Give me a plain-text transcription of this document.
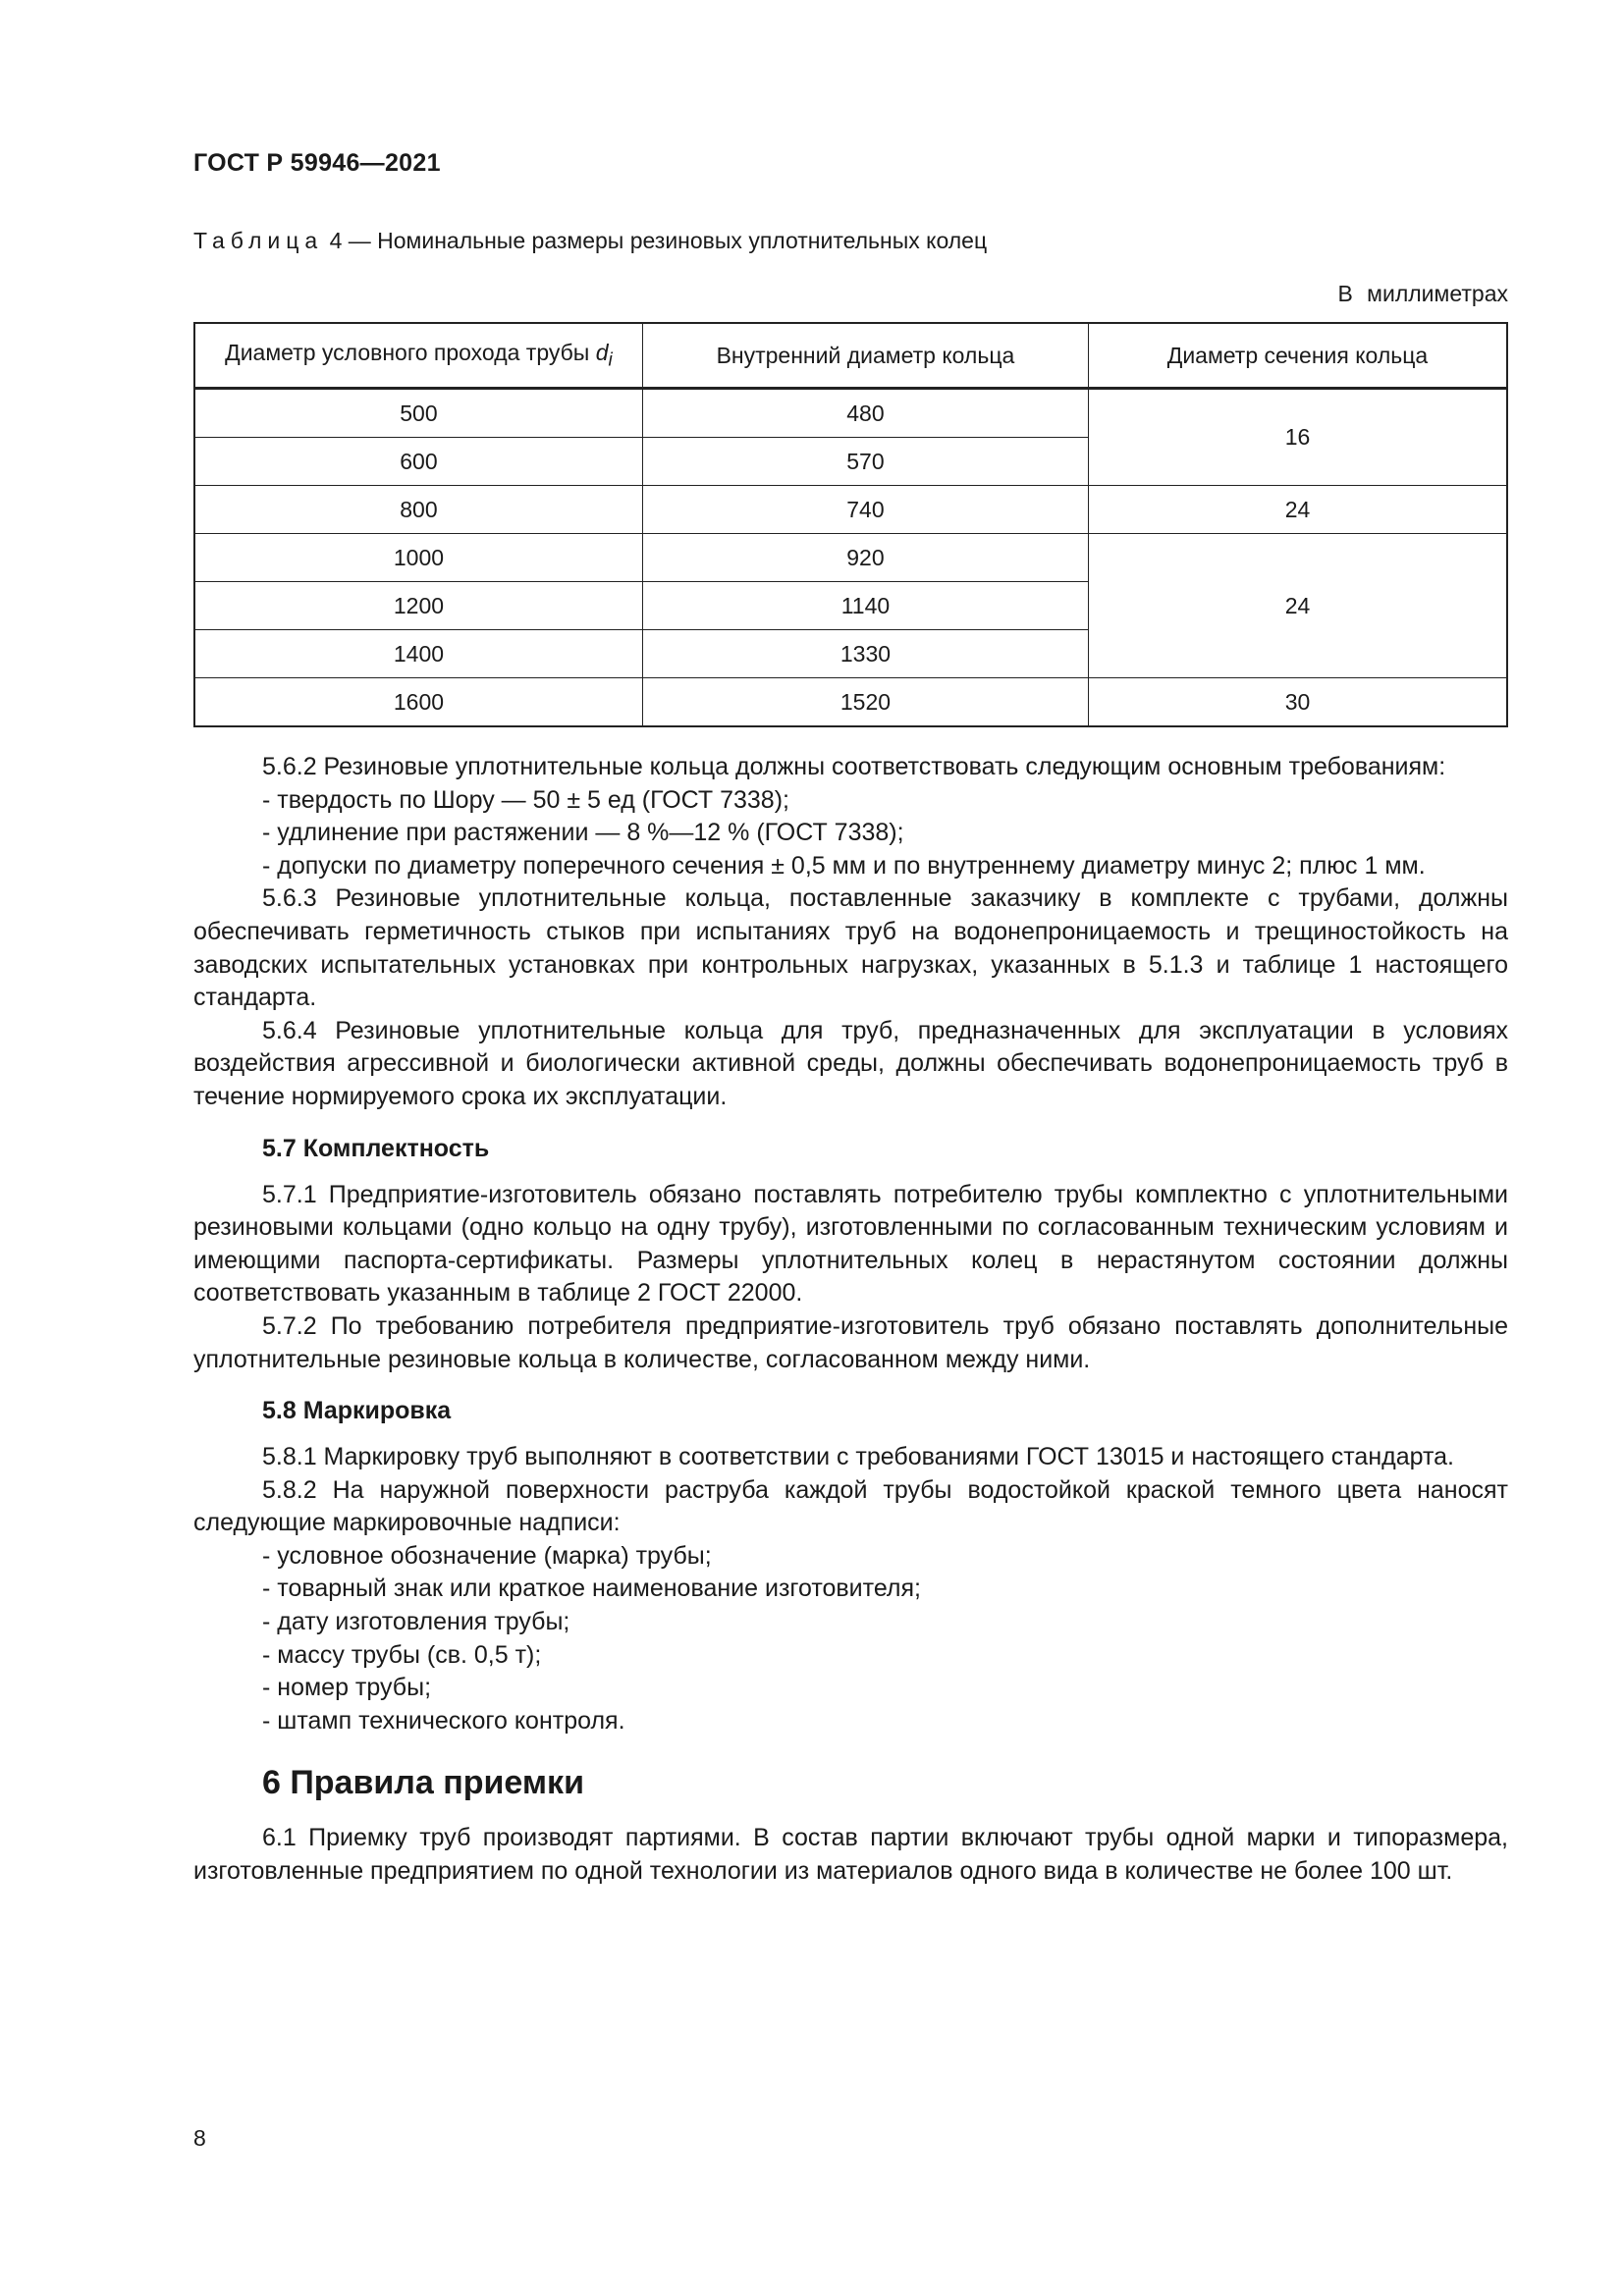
ГОСТ Р 59946—2021
Таблица 4 — Номинальные размеры резиновых уплотнительных колец
В миллиметрах
Диаметр условного прохода трубы $d_i$	Внутренний диаметр кольца	Диаметр сечения кольца
500	480	16
600	570	
800	740	24
1000	920	24
1200	1140	
1400	1330	
1600	1520	30

5.6.2 Резиновые уплотнительные кольца должны соответствовать следующим основным требованиям:

- твердость по Шору — 50 ± 5 ед (ГОСТ 7338);

- удлинение при растяжении — 8 %—12 % (ГОСТ 7338);

- допуски по диаметру поперечного сечения ± 0,5 мм и по внутреннему диаметру минус 2; плюс 1 мм.

5.6.3 Резиновые уплотнительные кольца, поставленные заказчику в комплекте с трубами, должны обеспечивать герметичность стыков при испытаниях труб на водонепроницаемость и трещиностойкость на заводских испытательных установках при контрольных нагрузках, указанных в 5.1.3 и таблице 1 настоящего стандарта.

5.6.4 Резиновые уплотнительные кольца для труб, предназначенных для эксплуатации в условиях воздействия агрессивной и биологически активной среды, должны обеспечивать водонепроницаемость труб в течение нормируемого срока их эксплуатации.

5.7 Комплектность

5.7.1 Предприятие-изготовитель обязано поставлять потребителю трубы комплектно с уплотнительными резиновыми кольцами (одно кольцо на одну трубу), изготовленными по согласованным техническим условиям и имеющими паспорта-сертификаты. Размеры уплотнительных колец в нерастянутом состоянии должны соответствовать указанным в таблице 2 ГОСТ 22000.

5.7.2 По требованию потребителя предприятие-изготовитель труб обязано поставлять дополнительные уплотнительные резиновые кольца в количестве, согласованном между ними.

5.8 Маркировка

5.8.1 Маркировку труб выполняют в соответствии с требованиями ГОСТ 13015 и настоящего стандарта.

5.8.2 На наружной поверхности раструба каждой трубы водостойкой краской темного цвета наносят следующие маркировочные надписи:

- условное обозначение (марка) трубы;

- товарный знак или краткое наименование изготовителя;

- дату изготовления трубы;

- массу трубы (св. 0,5 т);

- номер трубы;

- штамп технического контроля.

6 Правила приемки

6.1 Приемку труб производят партиями. В состав партии включают трубы одной марки и типоразмера, изготовленные предприятием по одной технологии из материалов одного вида в количестве не более 100 шт.

8
